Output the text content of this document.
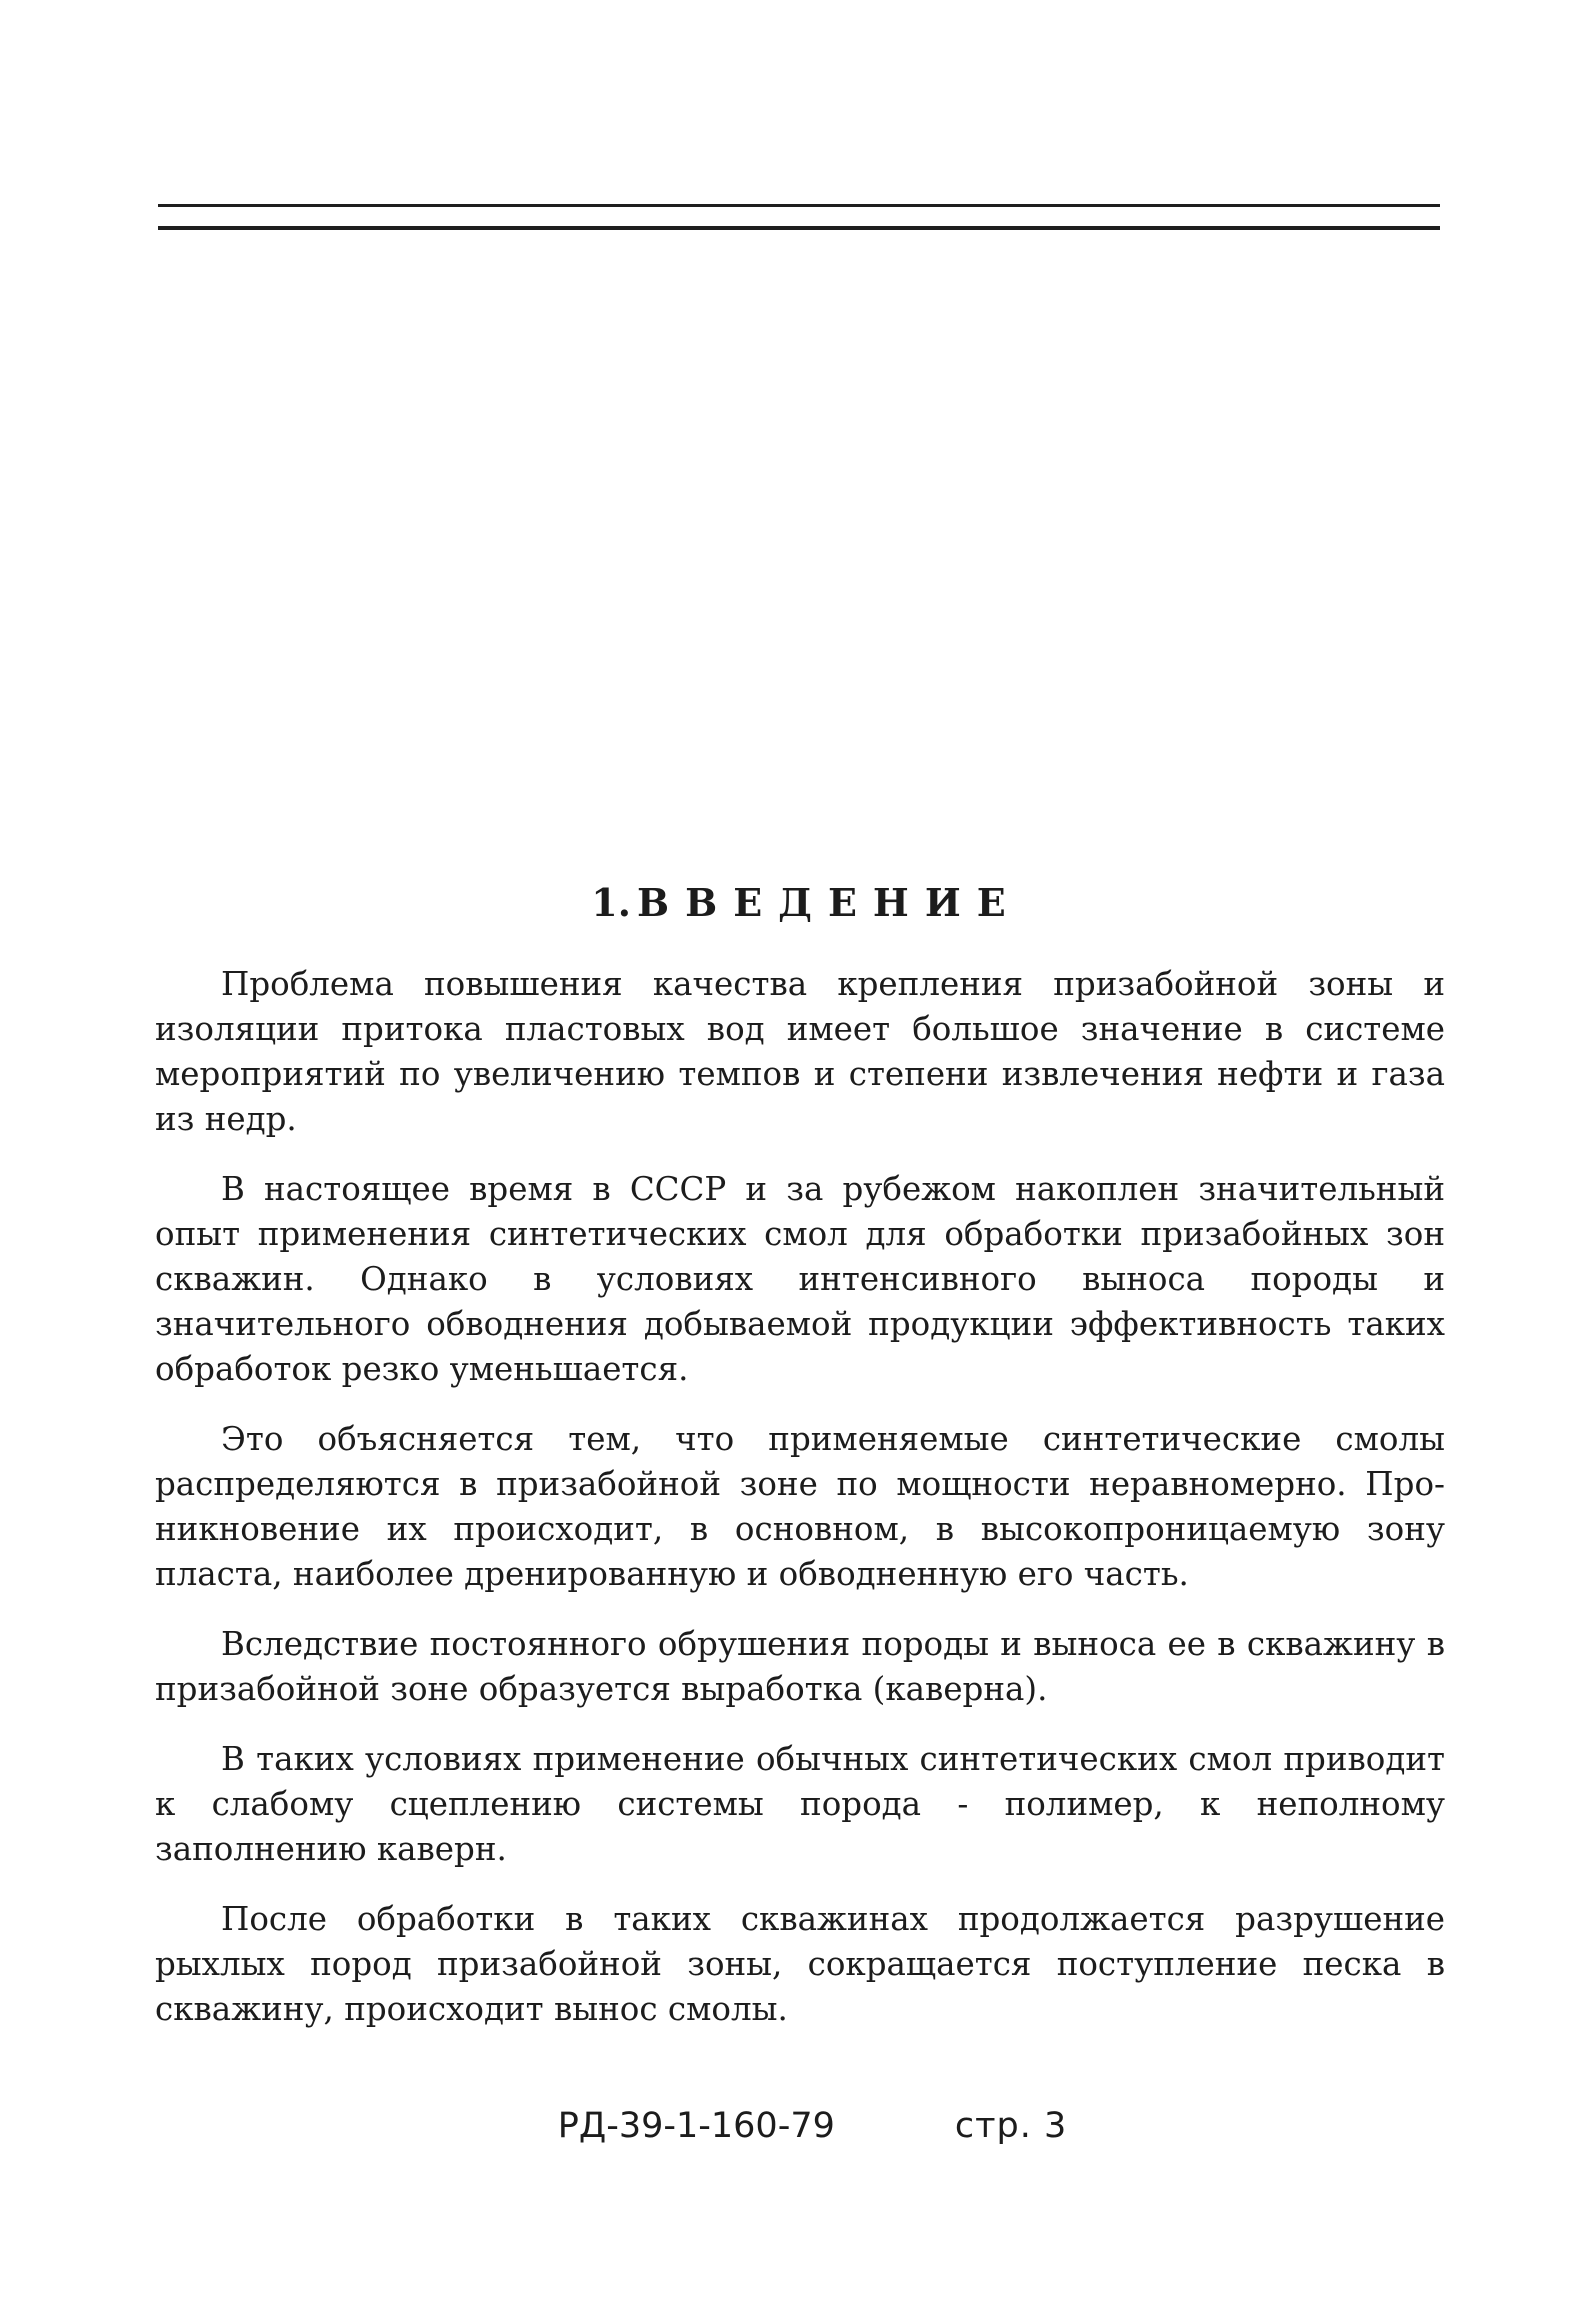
1. ВВЕДЕНИЕ

Проблема повышения качества крепления призабойной зоны и изоляции притока пластовых вод имеет большое значение в системе мероприятий по увеличению темпов и степени извлечения нефти и газа из недр.

В настоящее время в СССР и за рубежом накоплен значительный опыт применения синтетических смол для обработки призабойных зон скважин. Однако в условиях интенсивного выноса породы и значительного обводнения добываемой продукции эффективность таких обработок резко уменьшается.

Это объясняется тем, что применяемые синтетические смолы распределяются в призабойной зоне по мощности неравномерно. Проникновение их происходит, в основном, в высокопроницаемую зону пласта, наиболее дренированную и обводненную его часть.

Вследствие постоянного обрушения породы и выноса ее в скважину в призабойной зоне образуется выработка (каверна).

В таких условиях применение обычных синтетических смол приводит к слабому сцеплению системы порода - полимер, к неполному заполнению каверн.

После обработки в таких скважинах продолжается разрушение рыхлых пород призабойной зоны, сокращается поступление песка в скважину, происходит вынос смолы.

РД-39-1-160-79	стр. 3
